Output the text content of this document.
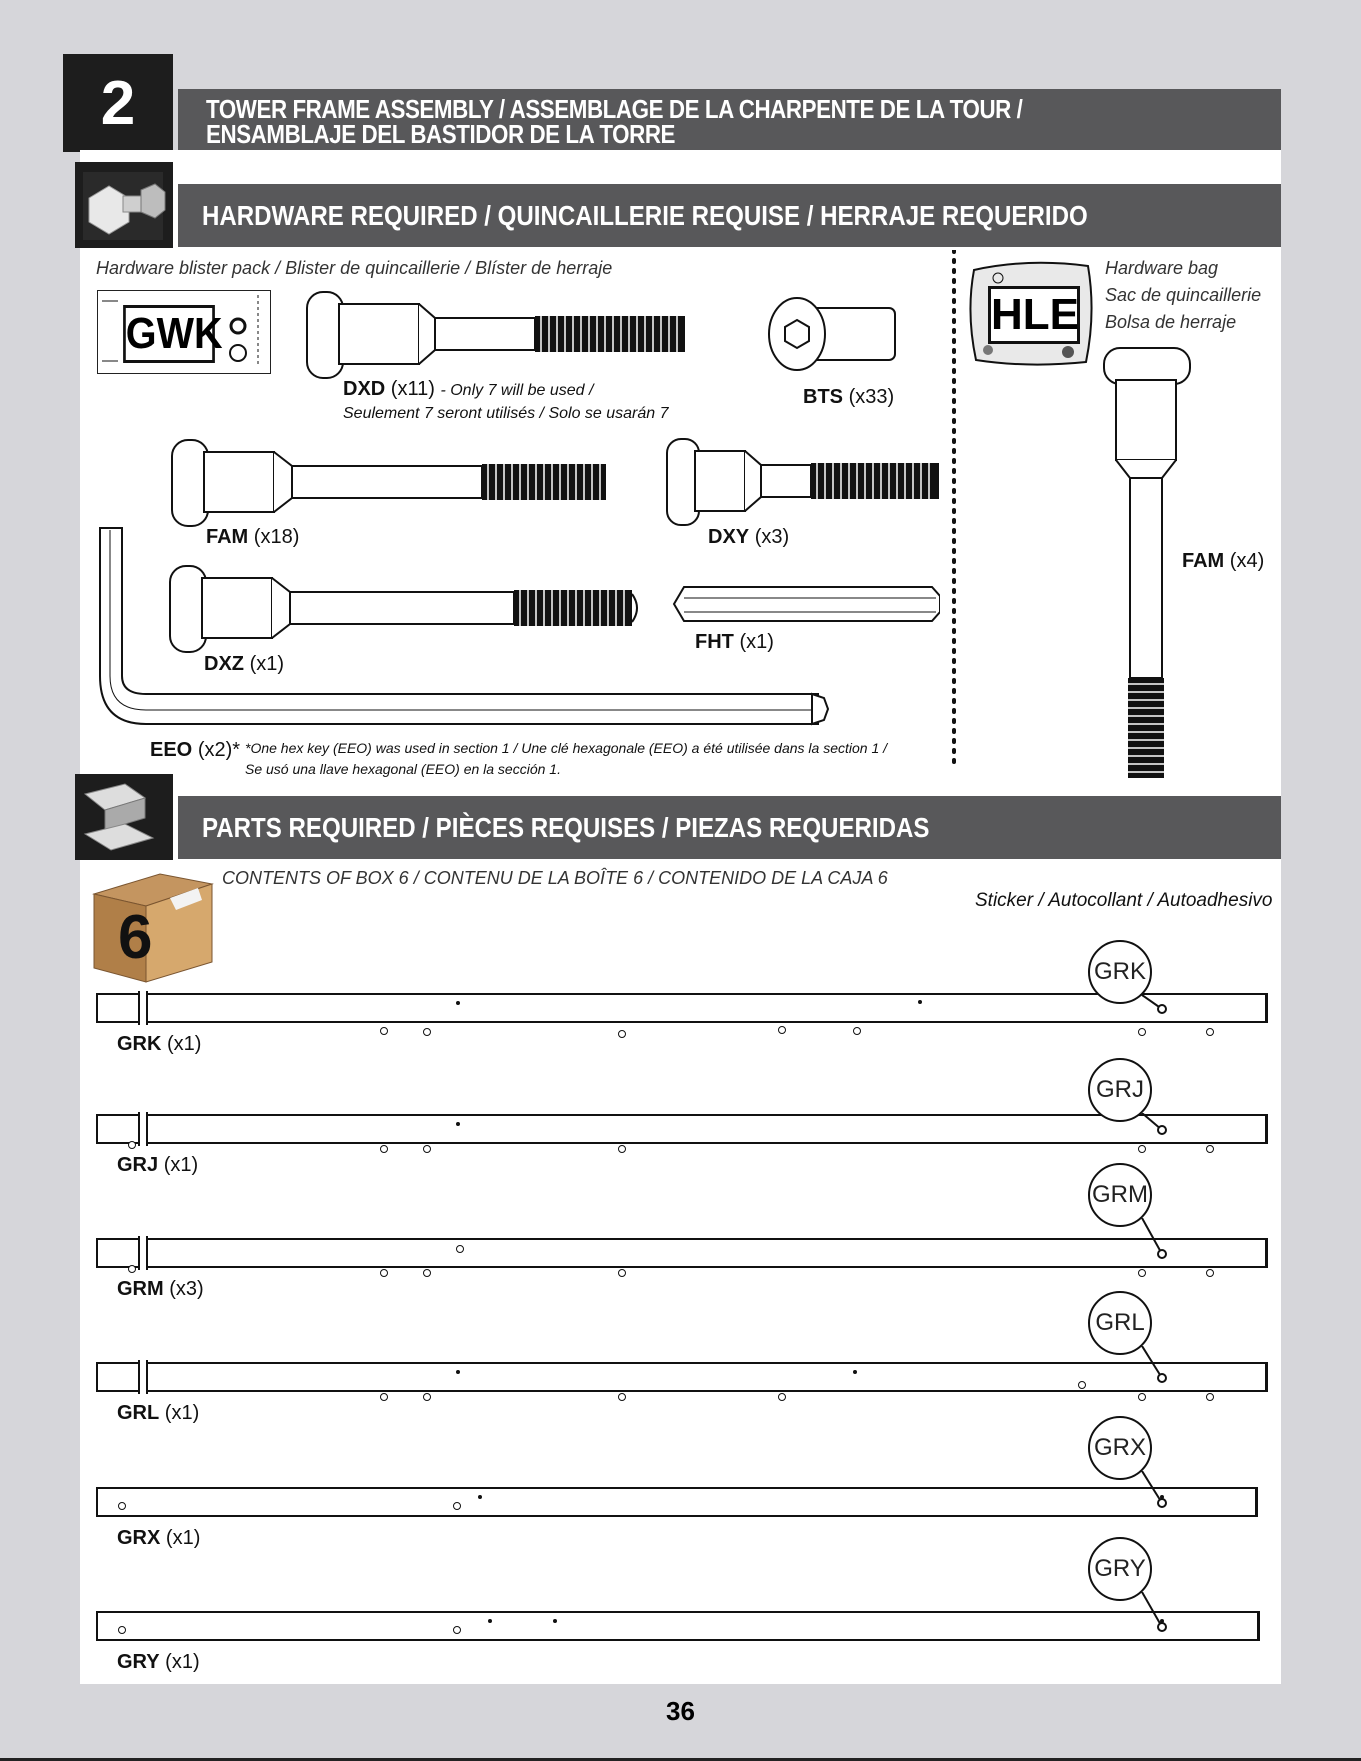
2	TOWER FRAME ASSEMBLY / ASSEMBLAGE DE LA CHARPENTE DE LA TOUR /
ENSAMBLAJE DEL BASTIDOR DE LA TORRE
HARDWARE REQUIRED / QUINCAILLERIE REQUISE / HERRAJE REQUERIDO
Hardware blister pack / Blister de quincaillerie / Blíster de herraje
GWK
DXD (x11) - Only 7 will be used /
Seulement 7 seront utilisés / Solo se usarán 7
BTS (x33)
FAM (x18)	DXY (x3)
DXZ (x1)
FHT (x1)
EEO (x2)* *One hex key (EEO) was used in section 1 / Une clé hexagonale (EEO) a été utilisée dans la section 1 /
Se usó una llave hexagonal (EEO) en la sección 1.
HLE
Hardware bag
Sac de quincaillerie
Bolsa de herraje
FAM (x4)
PARTS REQUIRED / PIÈCES REQUISES / PIEZAS REQUERIDAS
6
CONTENTS OF BOX 6 / CONTENU DE LA BOÎTE 6 / CONTENIDO DE LA CAJA 6
Sticker / Autocollant / Autoadhesivo
GRK (x1)
GRK
GRJ (x1)
GRJ
GRM (x3)
GRM
GRL (x1)
GRL
GRX (x1)
GRX
GRY (x1)
GRY
36
